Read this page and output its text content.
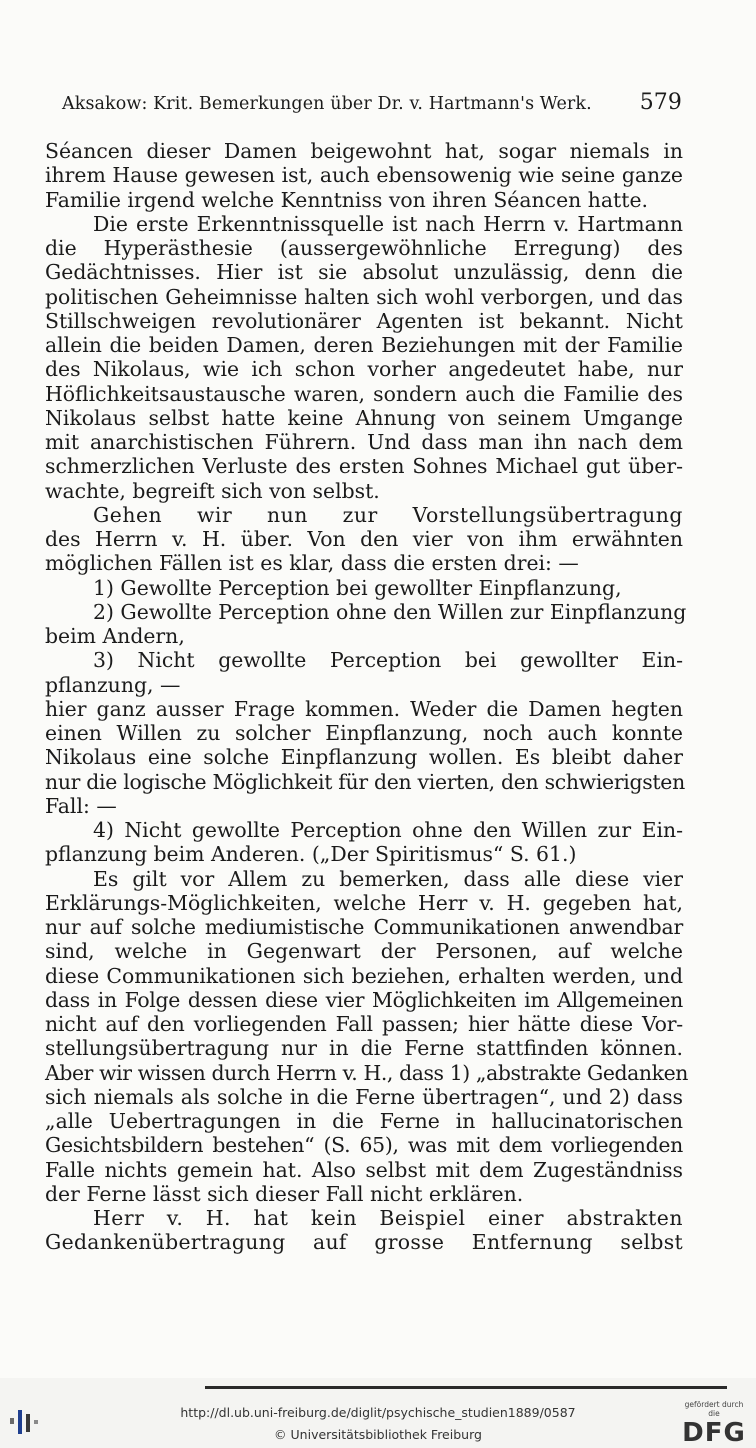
Aksakow: Krit. Bemerkungen über Dr. v. Hartmann's Werk. 579
Séancen dieser Damen beigewohnt hat, sogar niemals in
ihrem Hause gewesen ist, auch ebensowenig wie seine ganze
Familie irgend welche Kenntniss von ihren Séancen hatte.
Die erste Erkenntnissquelle ist nach Herrn v. Hartmann
die Hyperästhesie (aussergewöhnliche Erregung) des
Gedächtnisses. Hier ist sie absolut unzulässig, denn die
politischen Geheimnisse halten sich wohl verborgen, und das
Stillschweigen revolutionärer Agenten ist bekannt. Nicht
allein die beiden Damen, deren Beziehungen mit der Familie
des Nikolaus, wie ich schon vorher angedeutet habe, nur
Höflichkeitsaustausche waren, sondern auch die Familie des
Nikolaus selbst hatte keine Ahnung von seinem Umgange
mit anarchistischen Führern. Und dass man ihn nach dem
schmerzlichen Verluste des ersten Sohnes Michael gut über-
wachte, begreift sich von selbst.
Gehen wir nun zur Vorstellungsübertragung
des Herrn v. H. über. Von den vier von ihm erwähnten
möglichen Fällen ist es klar, dass die ersten drei: —
1) Gewollte Perception bei gewollter Einpflanzung,
2) Gewollte Perception ohne den Willen zur Einpflanzung
beim Andern,
3) Nicht gewollte Perception bei gewollter Ein-
pflanzung, —
hier ganz ausser Frage kommen. Weder die Damen hegten
einen Willen zu solcher Einpflanzung, noch auch konnte
Nikolaus eine solche Einpflanzung wollen. Es bleibt daher
nur die logische Möglichkeit für den vierten, den schwierigsten
Fall: —
4) Nicht gewollte Perception ohne den Willen zur Ein-
pflanzung beim Anderen. („Der Spiritismus“ S. 61.)
Es gilt vor Allem zu bemerken, dass alle diese vier
Erklärungs-Möglichkeiten, welche Herr v. H. gegeben hat,
nur auf solche mediumistische Communikationen anwendbar
sind, welche in Gegenwart der Personen, auf welche
diese Communikationen sich beziehen, erhalten werden, und
dass in Folge dessen diese vier Möglichkeiten im Allgemeinen
nicht auf den vorliegenden Fall passen; hier hätte diese Vor-
stellungsübertragung nur in die Ferne stattfinden können.
Aber wir wissen durch Herrn v. H., dass 1) „abstrakte Gedanken
sich niemals als solche in die Ferne übertragen“, und 2) dass
„alle Uebertragungen in die Ferne in hallucinatorischen
Gesichtsbildern bestehen“ (S. 65), was mit dem vorliegenden
Falle nichts gemein hat. Also selbst mit dem Zugeständniss
der Ferne lässt sich dieser Fall nicht erklären.
Herr v. H. hat kein Beispiel einer abstrakten
Gedankenübertragung auf grosse Entfernung selbst
http://dl.ub.uni-freiburg.de/diglit/psychische_studien1889/0587
© Universitätsbibliothek Freiburg
gefördert durch die
DFG
